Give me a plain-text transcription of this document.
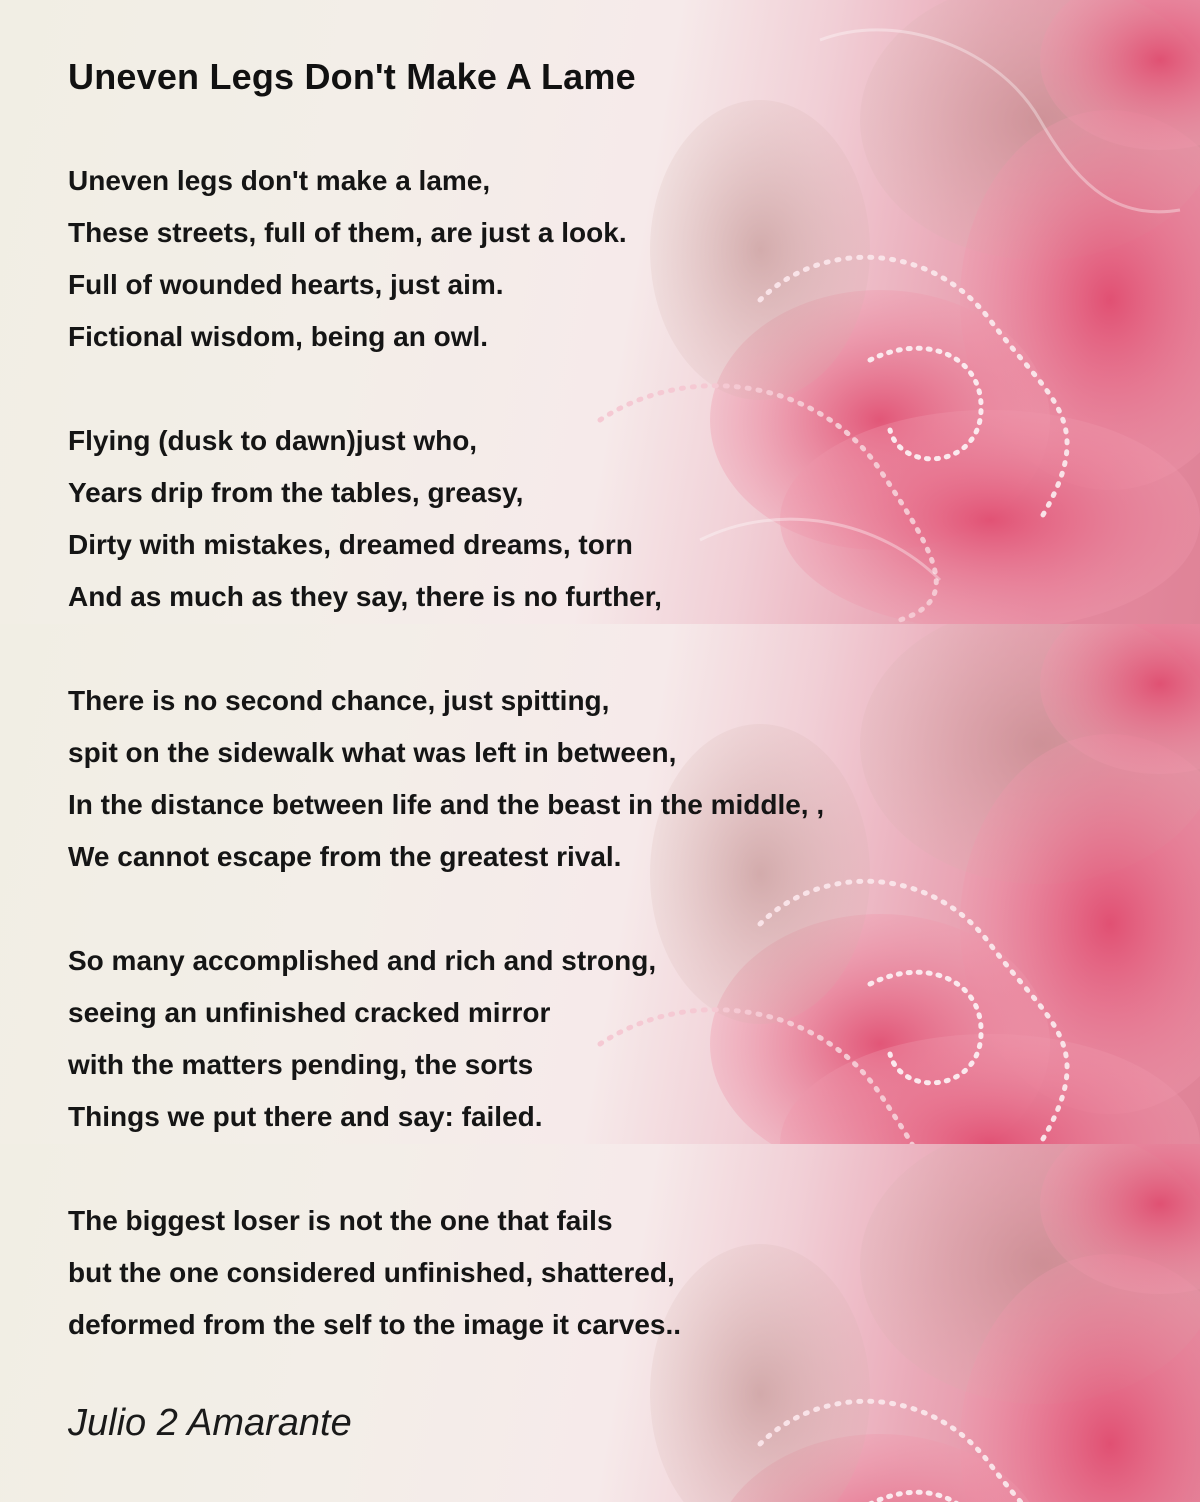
Uneven Legs Don't Make A Lame
Uneven legs don't make a lame,
These streets, full of them, are just a look.
Full of wounded hearts, just aim.
Fictional wisdom, being an owl.
Flying (dusk to dawn)just who,
Years drip from the tables, greasy,
Dirty with mistakes, dreamed dreams, torn
And as much as they say, there is no further,
There is no second chance, just spitting,
spit on the sidewalk what was left in between,
In the distance between life and the beast in the middle, ,
We cannot escape from the greatest rival.
So many accomplished and rich and strong,
seeing an unfinished cracked mirror
with the matters pending, the sorts
Things we put there and say: failed.
The biggest loser is not the one that fails
but the one considered unfinished, shattered,
deformed from the self to the image it carves..
Julio 2 Amarante
